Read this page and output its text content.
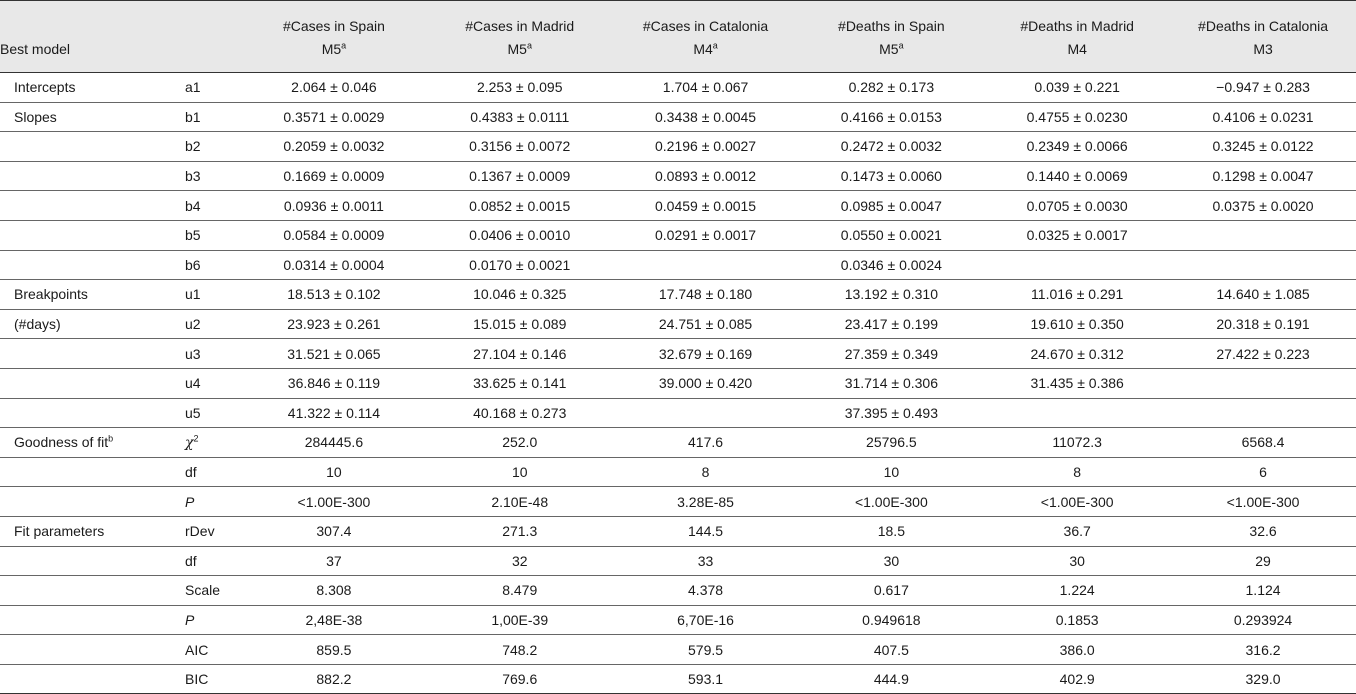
		#Cases in Spain	#Cases in Madrid	#Cases in Catalonia	#Deaths in Spain	#Deaths in Madrid	#Deaths in Catalonia
Best model		M5$^a$	M5$^a$	M4$^a$	M5$^a$	M4	M3
Intercepts	a1	2.064 ± 0.046	2.253 ± 0.095	1.704 ± 0.067	0.282 ± 0.173	0.039 ± 0.221	−0.947 ± 0.283
Slopes	b1	0.3571 ± 0.0029	0.4383 ± 0.0111	0.3438 ± 0.0045	0.4166 ± 0.0153	0.4755 ± 0.0230	0.4106 ± 0.0231
	b2	0.2059 ± 0.0032	0.3156 ± 0.0072	0.2196 ± 0.0027	0.2472 ± 0.0032	0.2349 ± 0.0066	0.3245 ± 0.0122
	b3	0.1669 ± 0.0009	0.1367 ± 0.0009	0.0893 ± 0.0012	0.1473 ± 0.0060	0.1440 ± 0.0069	0.1298 ± 0.0047
	b4	0.0936 ± 0.0011	0.0852 ± 0.0015	0.0459 ± 0.0015	0.0985 ± 0.0047	0.0705 ± 0.0030	0.0375 ± 0.0020
	b5	0.0584 ± 0.0009	0.0406 ± 0.0010	0.0291 ± 0.0017	0.0550 ± 0.0021	0.0325 ± 0.0017	
	b6	0.0314 ± 0.0004	0.0170 ± 0.0021		0.0346 ± 0.0024		
Breakpoints	u1	18.513 ± 0.102	10.046 ± 0.325	17.748 ± 0.180	13.192 ± 0.310	11.016 ± 0.291	14.640 ± 1.085
(#days)	u2	23.923 ± 0.261	15.015 ± 0.089	24.751 ± 0.085	23.417 ± 0.199	19.610 ± 0.350	20.318 ± 0.191
	u3	31.521 ± 0.065	27.104 ± 0.146	32.679 ± 0.169	27.359 ± 0.349	24.670 ± 0.312	27.422 ± 0.223
	u4	36.846 ± 0.119	33.625 ± 0.141	39.000 ± 0.420	31.714 ± 0.306	31.435 ± 0.386	
	u5	41.322 ± 0.114	40.168 ± 0.273		37.395 ± 0.493		
Goodness of fit$^b$	$\chi^2$	284445.6	252.0	417.6	25796.5	11072.3	6568.4
	df	10	10	8	10	8	6
	P	<1.00E-300	2.10E-48	3.28E-85	<1.00E-300	<1.00E-300	<1.00E-300
Fit parameters	rDev	307.4	271.3	144.5	18.5	36.7	32.6
	df	37	32	33	30	30	29
	Scale	8.308	8.479	4.378	0.617	1.224	1.124
	P	2,48E-38	1,00E-39	6,70E-16	0.949618	0.1853	0.293924
	AIC	859.5	748.2	579.5	407.5	386.0	316.2
	BIC	882.2	769.6	593.1	444.9	402.9	329.0
